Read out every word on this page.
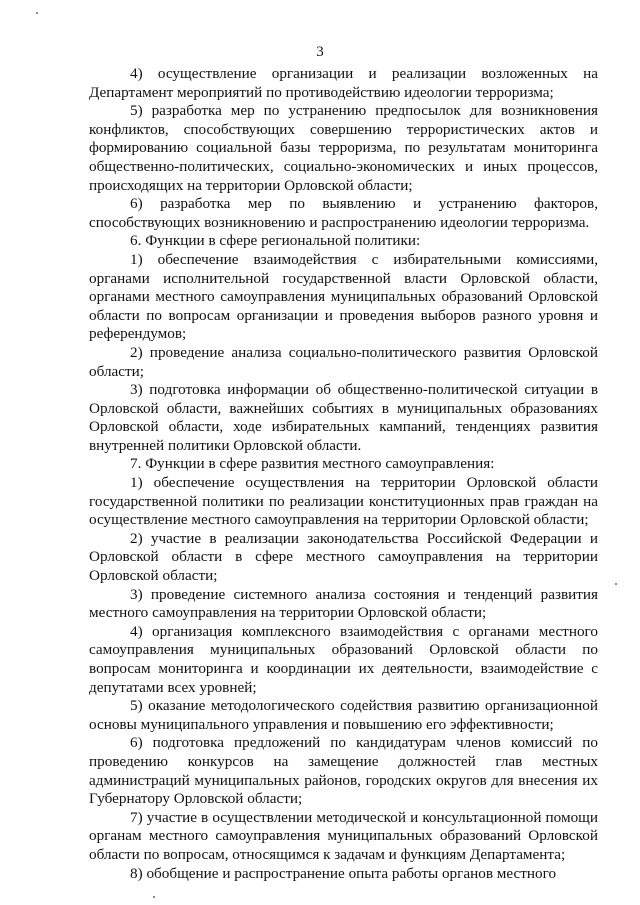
3

4) осуществление организации и реализации возложенных на Департамент мероприятий по противодействию идеологии терроризма;

5) разработка мер по устранению предпосылок для возникновения конфликтов, способствующих совершению террористических актов и формированию социальной базы терроризма, по результатам мониторинга общественно-политических, социально-экономических и иных процессов, происходящих на территории Орловской области;

6) разработка мер по выявлению и устранению факторов, способствующих возникновению и распространению идеологии терроризма.

6. Функции в сфере региональной политики:

1) обеспечение взаимодействия с избирательными комиссиями, органами исполнительной государственной власти Орловской области, органами местного самоуправления муниципальных образований Орловской области по вопросам организации и проведения выборов разного уровня и референдумов;

2) проведение анализа социально-политического развития Орловской области;

3) подготовка информации об общественно-политической ситуации в Орловской области, важнейших событиях в муниципальных образованиях Орловской области, ходе избирательных кампаний, тенденциях развития внутренней политики Орловской области.

7. Функции в сфере развития местного самоуправления:

1) обеспечение осуществления на территории Орловской области государственной политики по реализации конституционных прав граждан на осуществление местного самоуправления на территории Орловской области;

2) участие в реализации законодательства Российской Федерации и Орловской области в сфере местного самоуправления на территории Орловской области;

3) проведение системного анализа состояния и тенденций развития местного самоуправления на территории Орловской области;

4) организация комплексного взаимодействия с органами местного самоуправления муниципальных образований Орловской области по вопросам мониторинга и координации их деятельности, взаимодействие с депутатами всех уровней;

5) оказание методологического содействия развитию организационной основы муниципального управления и повышению его эффективности;

6) подготовка предложений по кандидатурам членов комиссий по проведению конкурсов на замещение должностей глав местных администраций муниципальных районов, городских округов для внесения их Губернатору Орловской области;

7) участие в осуществлении методической и консультационной помощи органам местного самоуправления муниципальных образований Орловской области по вопросам, относящимся к задачам и функциям Департамента;

8) обобщение и распространение опыта работы органов местного
